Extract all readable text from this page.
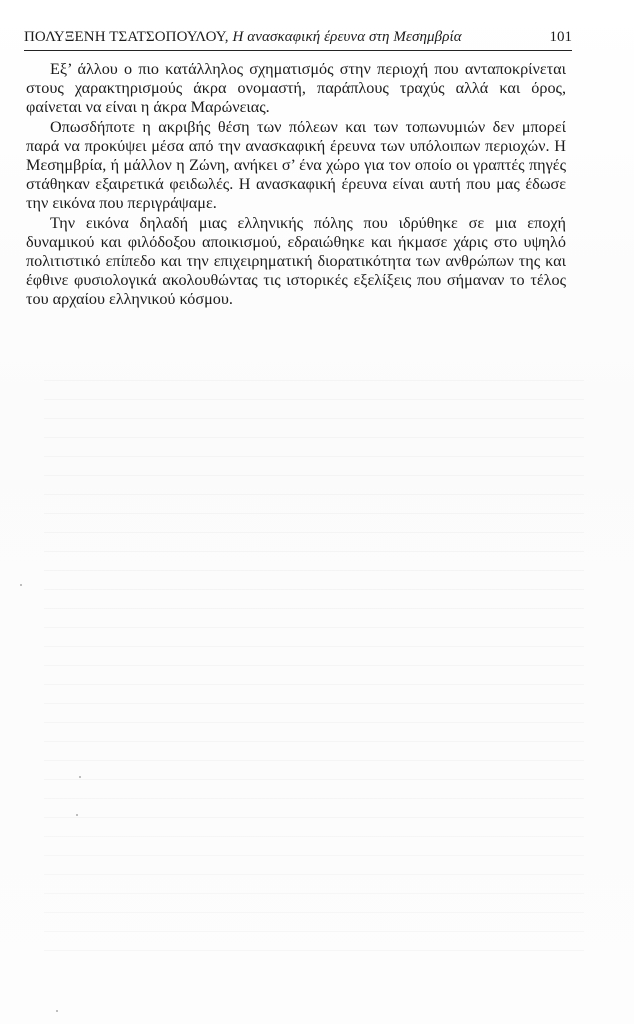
ΠΟΛΥΞΕΝΗ ΤΣΑΤΣΟΠΟΥΛΟΥ, Η ανασκαφική έρευνα στη Μεσημβρία	101

Εξ’ άλλου ο πιο κατάλληλος σχηματισμός στην περιοχή που ανταποκρίνεται στους χαρακτηρισμούς άκρα ονομαστή, παράπλους τραχύς αλλά και όρος, φαίνεται να είναι η άκρα Μαρώνειας.

Οπωσδήποτε η ακριβής θέση των πόλεων και των τοπωνυμιών δεν μπορεί παρά να προκύψει μέσα από την ανασκαφική έρευνα των υπόλοιπων περιοχών. Η Μεσημβρία, ή μάλλον η Ζώνη, ανήκει σ’ ένα χώρο για τον οποίο οι γραπτές πηγές στάθηκαν εξαιρετικά φειδωλές. Η ανασκαφική έρευνα είναι αυτή που μας έδωσε την εικόνα που περιγράψαμε.

Την εικόνα δηλαδή μιας ελληνικής πόλης που ιδρύθηκε σε μια εποχή δυναμικού και φιλόδοξου αποικισμού, εδραιώθηκε και ήκμασε χάρις στο υψηλό πολιτιστικό επίπεδο και την επιχειρηματική διορατικότητα των ανθρώπων της και έφθινε φυσιολογικά ακολουθώντας τις ιστορικές εξελίξεις που σήμαναν το τέλος του αρχαίου ελληνικού κόσμου.
